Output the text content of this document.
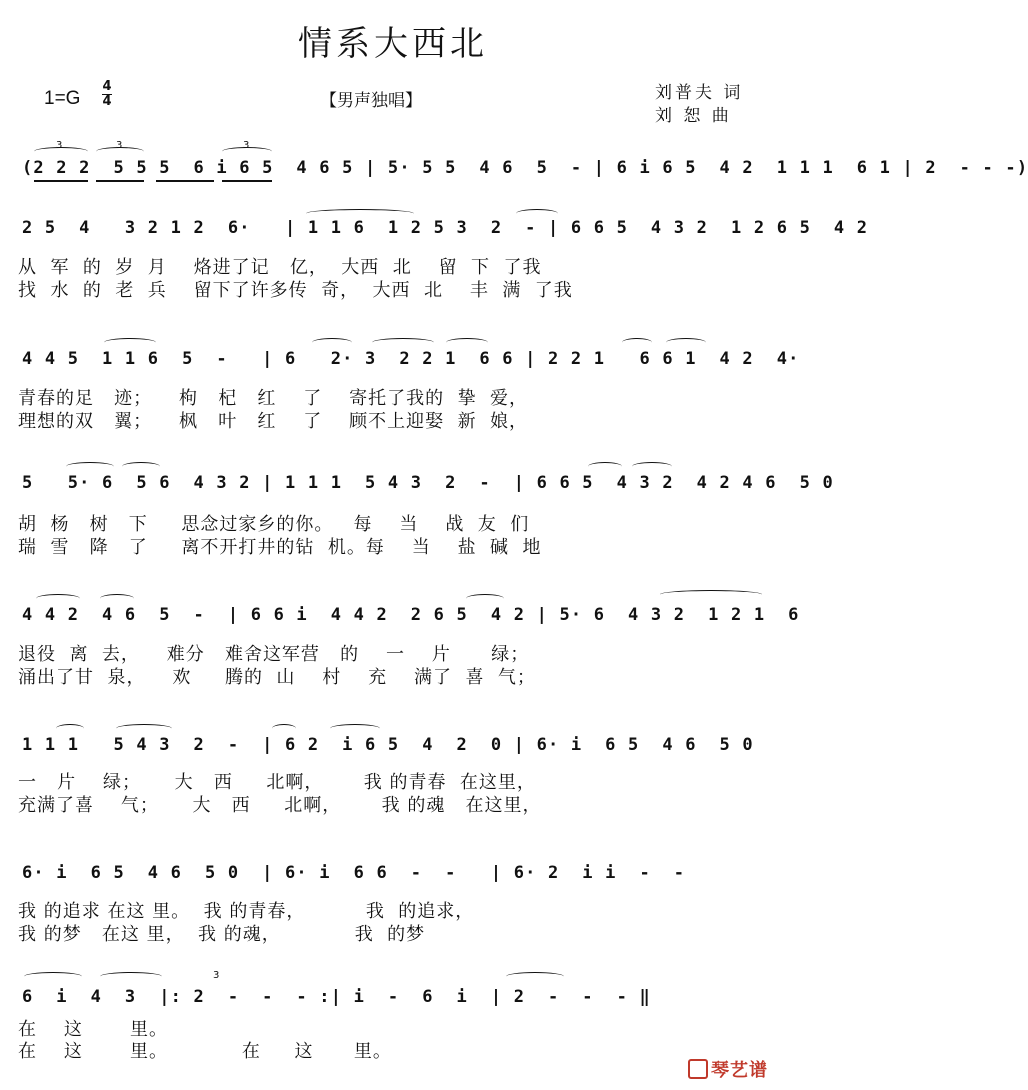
情系大西北
1=G
4
4	【男声独唱】	刘普夫 词
刘 恕 曲
(2 2 2  5 5 5  6 i 6 5  4 6 5 | 5· 5 5  4 6  5  - | 6 i 6 5  4 2  1 1 1  6 1 | 2  - - -)
3	3	3
2 5  4   3 2 1 2  6·   | 1 1 6  1 2 5 3  2  - | 6 6 5  4 3 2  1 2 6 5  4 2
从  军  的  岁  月    烙进了记   亿，  大西  北    留  下  了我
找  水  的  老  兵    留下了许多传  奇，  大西  北    丰  满  了我
4 4 5  1 1 6  5  -   | 6   2· 3  2 2 1  6 6 | 2 2 1   6 6 1  4 2  4·
青春的足   迹；    枸   杞   红    了    寄托了我的  挚  爱，
理想的双   翼；    枫   叶   红    了    顾不上迎娶  新  娘，
5   5· 6  5 6  4 3 2 | 1 1 1  5 4 3  2  -  | 6 6 5  4 3 2  4 2 4 6  5 0
胡  杨   树   下     思念过家乡的你。   每    当    战  友  们
瑞  雪   降   了     离不开打井的钻  机。每    当    盐  碱  地
4 4 2  4 6  5  -  | 6 6 i  4 4 2  2 6 5  4 2 | 5· 6  4 3 2  1 2 1  6
退役  离  去，    难分   难舍这军营   的    一    片      绿；
涌出了甘  泉，    欢     腾的  山    村    充    满了  喜  气；
1 1 1   5 4 3  2  -  | 6 2  i 6 5  4  2  0 | 6· i  6 5  4 6  5 0
一   片    绿；     大   西     北啊，      我 的青春  在这里，
充满了喜    气；     大   西     北啊，      我 的魂   在这里，
6· i  6 5  4 6  5 0  | 6· i  6 6  -  -   | 6· 2  i i  -  -
我 的追求 在这 里。  我 的青春，         我  的追求，
我 的梦   在这 里，  我 的魂，           我  的梦
6  i  4  3  |: 2  -  -  - :| i  -  6  i  | 2  -  -  - ‖
在    这       里。
在    这       里。           在     这      里。
3
琴艺谱
